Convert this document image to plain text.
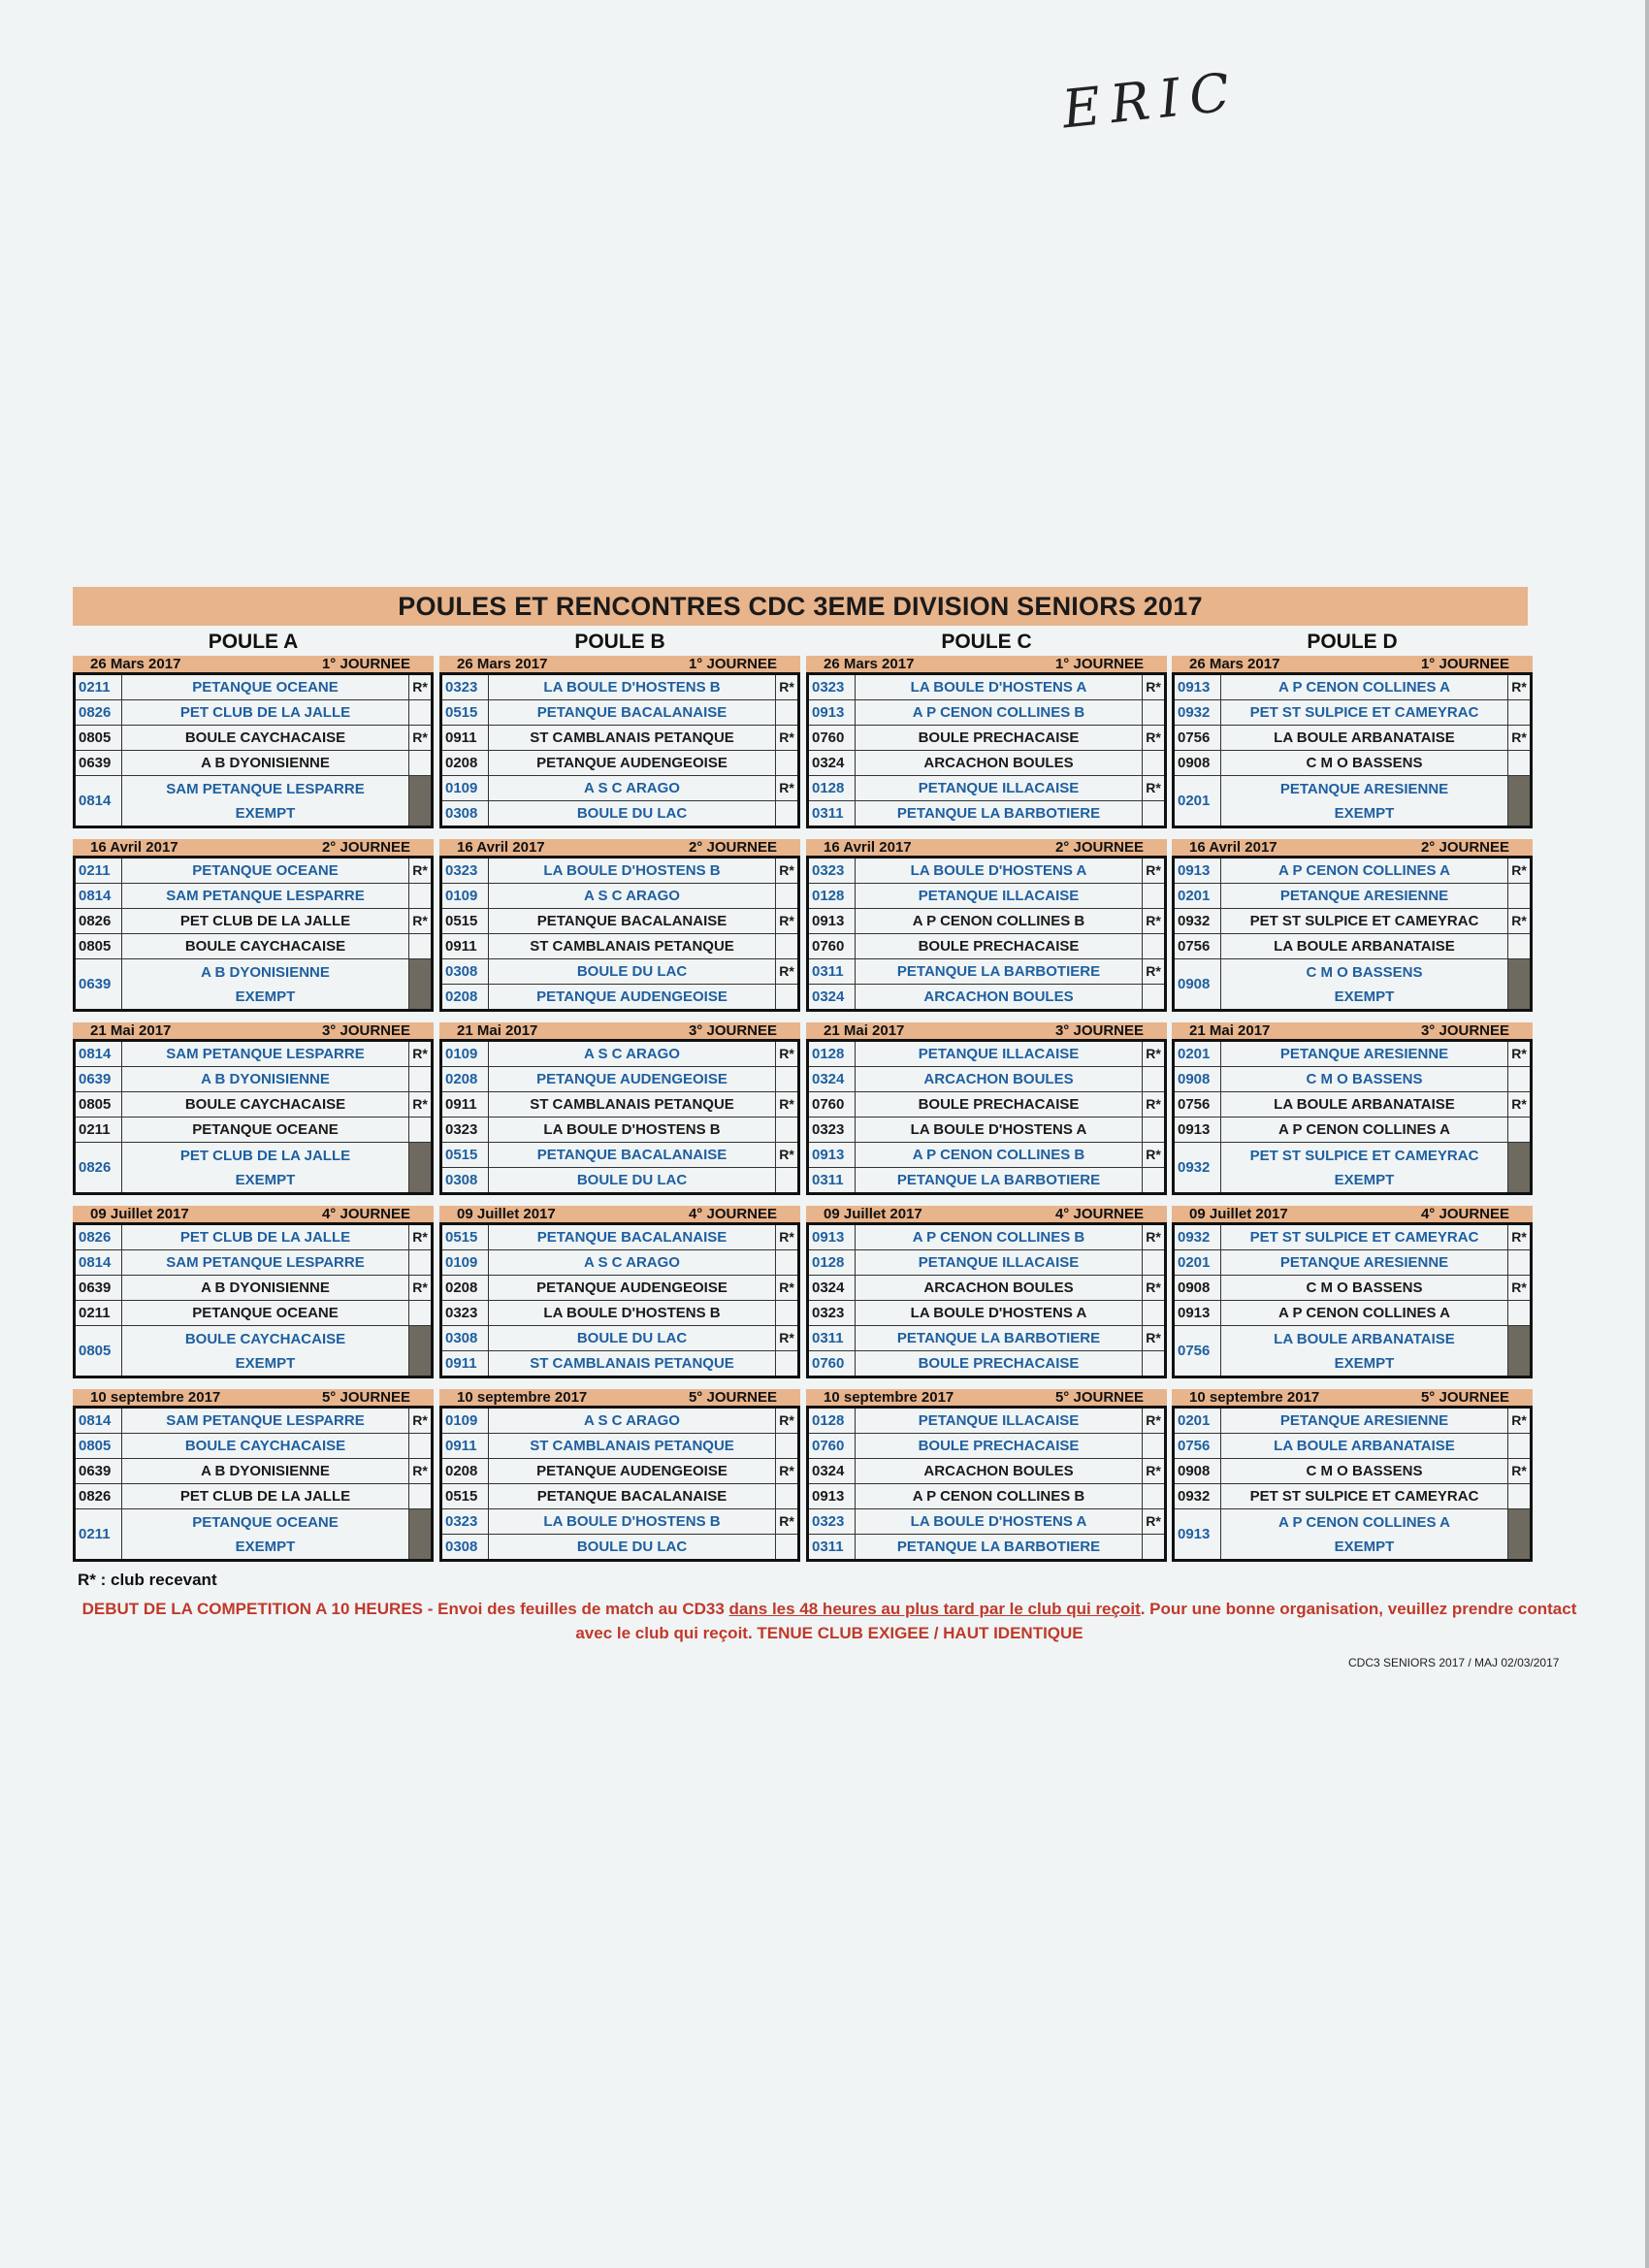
ERIC
POULES ET RENCONTRES CDC 3EME DIVISION SENIORS 2017
POULE A
26 Mars 2017	1° JOURNEE
0211	PETANQUE OCEANE	R*
0826	PET CLUB DE LA JALLE	
0805	BOULE CAYCHACAISE	R*
0639	A B DYONISIENNE	
0814	SAM PETANQUE LESPARRE
EXEMPT	

16 Avril 2017	2° JOURNEE
0211	PETANQUE OCEANE	R*
0814	SAM PETANQUE LESPARRE	
0826	PET CLUB DE LA JALLE	R*
0805	BOULE CAYCHACAISE	
0639	A B DYONISIENNE
EXEMPT	

21 Mai 2017	3° JOURNEE
0814	SAM PETANQUE LESPARRE	R*
0639	A B DYONISIENNE	
0805	BOULE CAYCHACAISE	R*
0211	PETANQUE OCEANE	
0826	PET CLUB DE LA JALLE
EXEMPT	

09 Juillet 2017	4° JOURNEE
0826	PET CLUB DE LA JALLE	R*
0814	SAM PETANQUE LESPARRE	
0639	A B DYONISIENNE	R*
0211	PETANQUE OCEANE	
0805	BOULE CAYCHACAISE
EXEMPT	

10 septembre 2017	5° JOURNEE
0814	SAM PETANQUE LESPARRE	R*
0805	BOULE CAYCHACAISE	
0639	A B DYONISIENNE	R*
0826	PET CLUB DE LA JALLE	
0211	PETANQUE OCEANE
EXEMPT	

POULE B
26 Mars 2017	1° JOURNEE
0323	LA BOULE D'HOSTENS B	R*
0515	PETANQUE BACALANAISE	
0911	ST CAMBLANAIS PETANQUE	R*
0208	PETANQUE AUDENGEOISE	
0109	A S C ARAGO	R*
0308	BOULE DU LAC	
16 Avril 2017	2° JOURNEE
0323	LA BOULE D'HOSTENS B	R*
0109	A S C ARAGO	
0515	PETANQUE BACALANAISE	R*
0911	ST CAMBLANAIS PETANQUE	
0308	BOULE DU LAC	R*
0208	PETANQUE AUDENGEOISE	
21 Mai 2017	3° JOURNEE
0109	A S C ARAGO	R*
0208	PETANQUE AUDENGEOISE	
0911	ST CAMBLANAIS PETANQUE	R*
0323	LA BOULE D'HOSTENS B	
0515	PETANQUE BACALANAISE	R*
0308	BOULE DU LAC	
09 Juillet 2017	4° JOURNEE
0515	PETANQUE BACALANAISE	R*
0109	A S C ARAGO	
0208	PETANQUE AUDENGEOISE	R*
0323	LA BOULE D'HOSTENS B	
0308	BOULE DU LAC	R*
0911	ST CAMBLANAIS PETANQUE	
10 septembre 2017	5° JOURNEE
0109	A S C ARAGO	R*
0911	ST CAMBLANAIS PETANQUE	
0208	PETANQUE AUDENGEOISE	R*
0515	PETANQUE BACALANAISE	
0323	LA BOULE D'HOSTENS B	R*
0308	BOULE DU LAC	
POULE C
26 Mars 2017	1° JOURNEE
0323	LA BOULE D'HOSTENS A	R*
0913	A P CENON COLLINES B	
0760	BOULE PRECHACAISE	R*
0324	ARCACHON BOULES	
0128	PETANQUE ILLACAISE	R*
0311	PETANQUE LA BARBOTIERE	
16 Avril 2017	2° JOURNEE
0323	LA BOULE D'HOSTENS A	R*
0128	PETANQUE ILLACAISE	
0913	A P CENON COLLINES B	R*
0760	BOULE PRECHACAISE	
0311	PETANQUE LA BARBOTIERE	R*
0324	ARCACHON BOULES	
21 Mai 2017	3° JOURNEE
0128	PETANQUE ILLACAISE	R*
0324	ARCACHON BOULES	
0760	BOULE PRECHACAISE	R*
0323	LA BOULE D'HOSTENS A	
0913	A P CENON COLLINES B	R*
0311	PETANQUE LA BARBOTIERE	
09 Juillet 2017	4° JOURNEE
0913	A P CENON COLLINES B	R*
0128	PETANQUE ILLACAISE	
0324	ARCACHON BOULES	R*
0323	LA BOULE D'HOSTENS A	
0311	PETANQUE LA BARBOTIERE	R*
0760	BOULE PRECHACAISE	
10 septembre 2017	5° JOURNEE
0128	PETANQUE ILLACAISE	R*
0760	BOULE PRECHACAISE	
0324	ARCACHON BOULES	R*
0913	A P CENON COLLINES B	
0323	LA BOULE D'HOSTENS A	R*
0311	PETANQUE LA BARBOTIERE	
POULE D
26 Mars 2017	1° JOURNEE
0913	A P CENON COLLINES A	R*
0932	PET ST SULPICE ET CAMEYRAC	
0756	LA BOULE ARBANATAISE	R*
0908	C M O BASSENS	
0201	PETANQUE ARESIENNE
EXEMPT	

16 Avril 2017	2° JOURNEE
0913	A P CENON COLLINES A	R*
0201	PETANQUE ARESIENNE	
0932	PET ST SULPICE ET CAMEYRAC	R*
0756	LA BOULE ARBANATAISE	
0908	C M O BASSENS
EXEMPT	

21 Mai 2017	3° JOURNEE
0201	PETANQUE ARESIENNE	R*
0908	C M O BASSENS	
0756	LA BOULE ARBANATAISE	R*
0913	A P CENON COLLINES A	
0932	PET ST SULPICE ET CAMEYRAC
EXEMPT	

09 Juillet 2017	4° JOURNEE
0932	PET ST SULPICE ET CAMEYRAC	R*
0201	PETANQUE ARESIENNE	
0908	C M O BASSENS	R*
0913	A P CENON COLLINES A	
0756	LA BOULE ARBANATAISE
EXEMPT	

10 septembre 2017	5° JOURNEE
0201	PETANQUE ARESIENNE	R*
0756	LA BOULE ARBANATAISE	
0908	C M O BASSENS	R*
0932	PET ST SULPICE ET CAMEYRAC	
0913	A P CENON COLLINES A
EXEMPT	

R* : club recevant
DEBUT DE LA COMPETITION A 10 HEURES - Envoi des feuilles de match au CD33 dans les 48 heures au plus tard par le club qui reçoit. Pour une bonne organisation, veuillez prendre contact avec le club qui reçoit. TENUE CLUB EXIGEE / HAUT IDENTIQUE
CDC3 SENIORS 2017 / MAJ 02/03/2017
